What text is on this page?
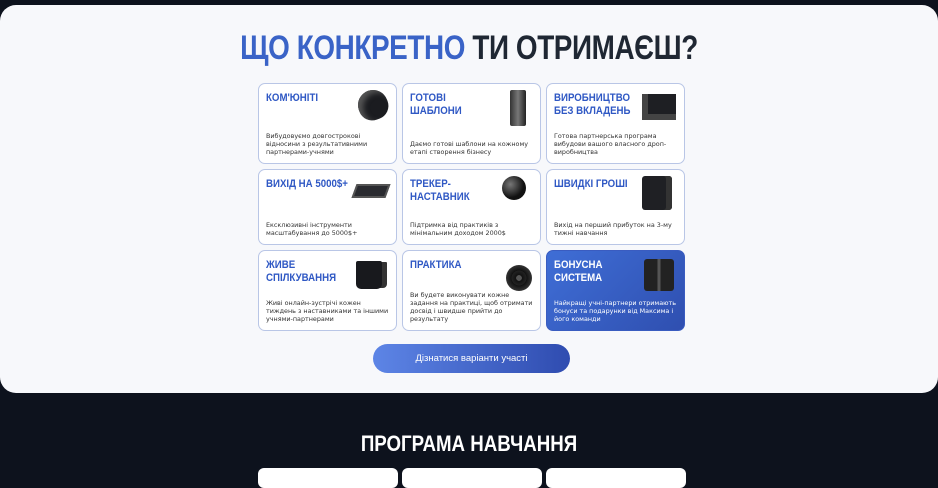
ЩО КОНКРЕТНО ТИ ОТРИМАЄШ?
КОМ'ЮНІТІ

Вибудовуємо довгострокові відносини з результативними партнерами-учнями

ГОТОВІ ШАБЛОНИ

Даємо готові шаблони на кожному етапі створення бізнесу

ВИРОБНИЦТВО БЕЗ ВКЛАДЕНЬ

Готова партнерська програма вибудови вашого власного дроп-виробництва

ВИХІД НА 5000$+

Ексклюзивні інструменти масштабування до 5000$+

ТРЕКЕР-НАСТАВНИК

Підтримка від практиків з мінімальним доходом 2000$

ШВИДКІ ГРОШІ

Вихід на перший прибуток на 3-му тижні навчання

ЖИВЕ СПІЛКУВАННЯ

Живі онлайн-зустрічі кожен тиждень з наставниками та іншими учнями-партнерами

ПРАКТИКА

Ви будете виконувати кожне задання на практиці, щоб отримати досвід і швидше прийти до результату

БОНУСНА СИСТЕМА

Найкращі учні-партнери отримають бонуси та подарунки від Максима і його команди

Дізнатися варіанти участі
ПРОГРАМА НАВЧАННЯ
